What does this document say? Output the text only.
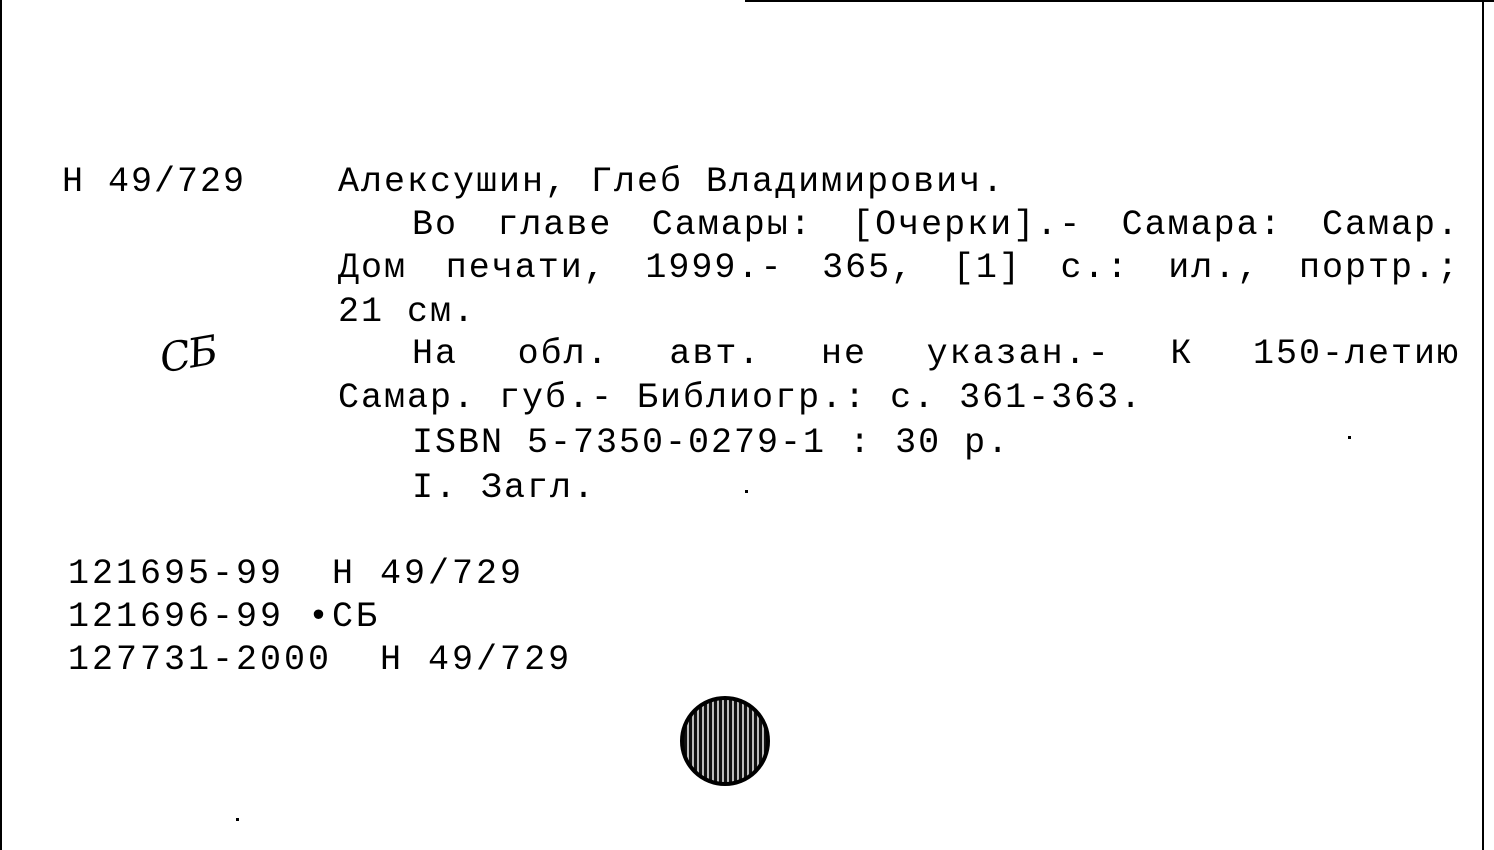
Н 49/729	Алексушин, Глеб Владимирович.
Во главе Самары: [Очерки].- Самара: Самар.
Дом печати, 1999.- 365, [1] с.: ил., портр.;
21 см.
СБ	На обл. авт. не указан.- К 150-летию
Самар. губ.- Библиогр.: с. 361-363.
ISBN 5-7350-0279-1 : 30 р.
I. Загл.
121695-99  Н 49/729
121696-99 •СБ
127731-2000  Н 49/729
